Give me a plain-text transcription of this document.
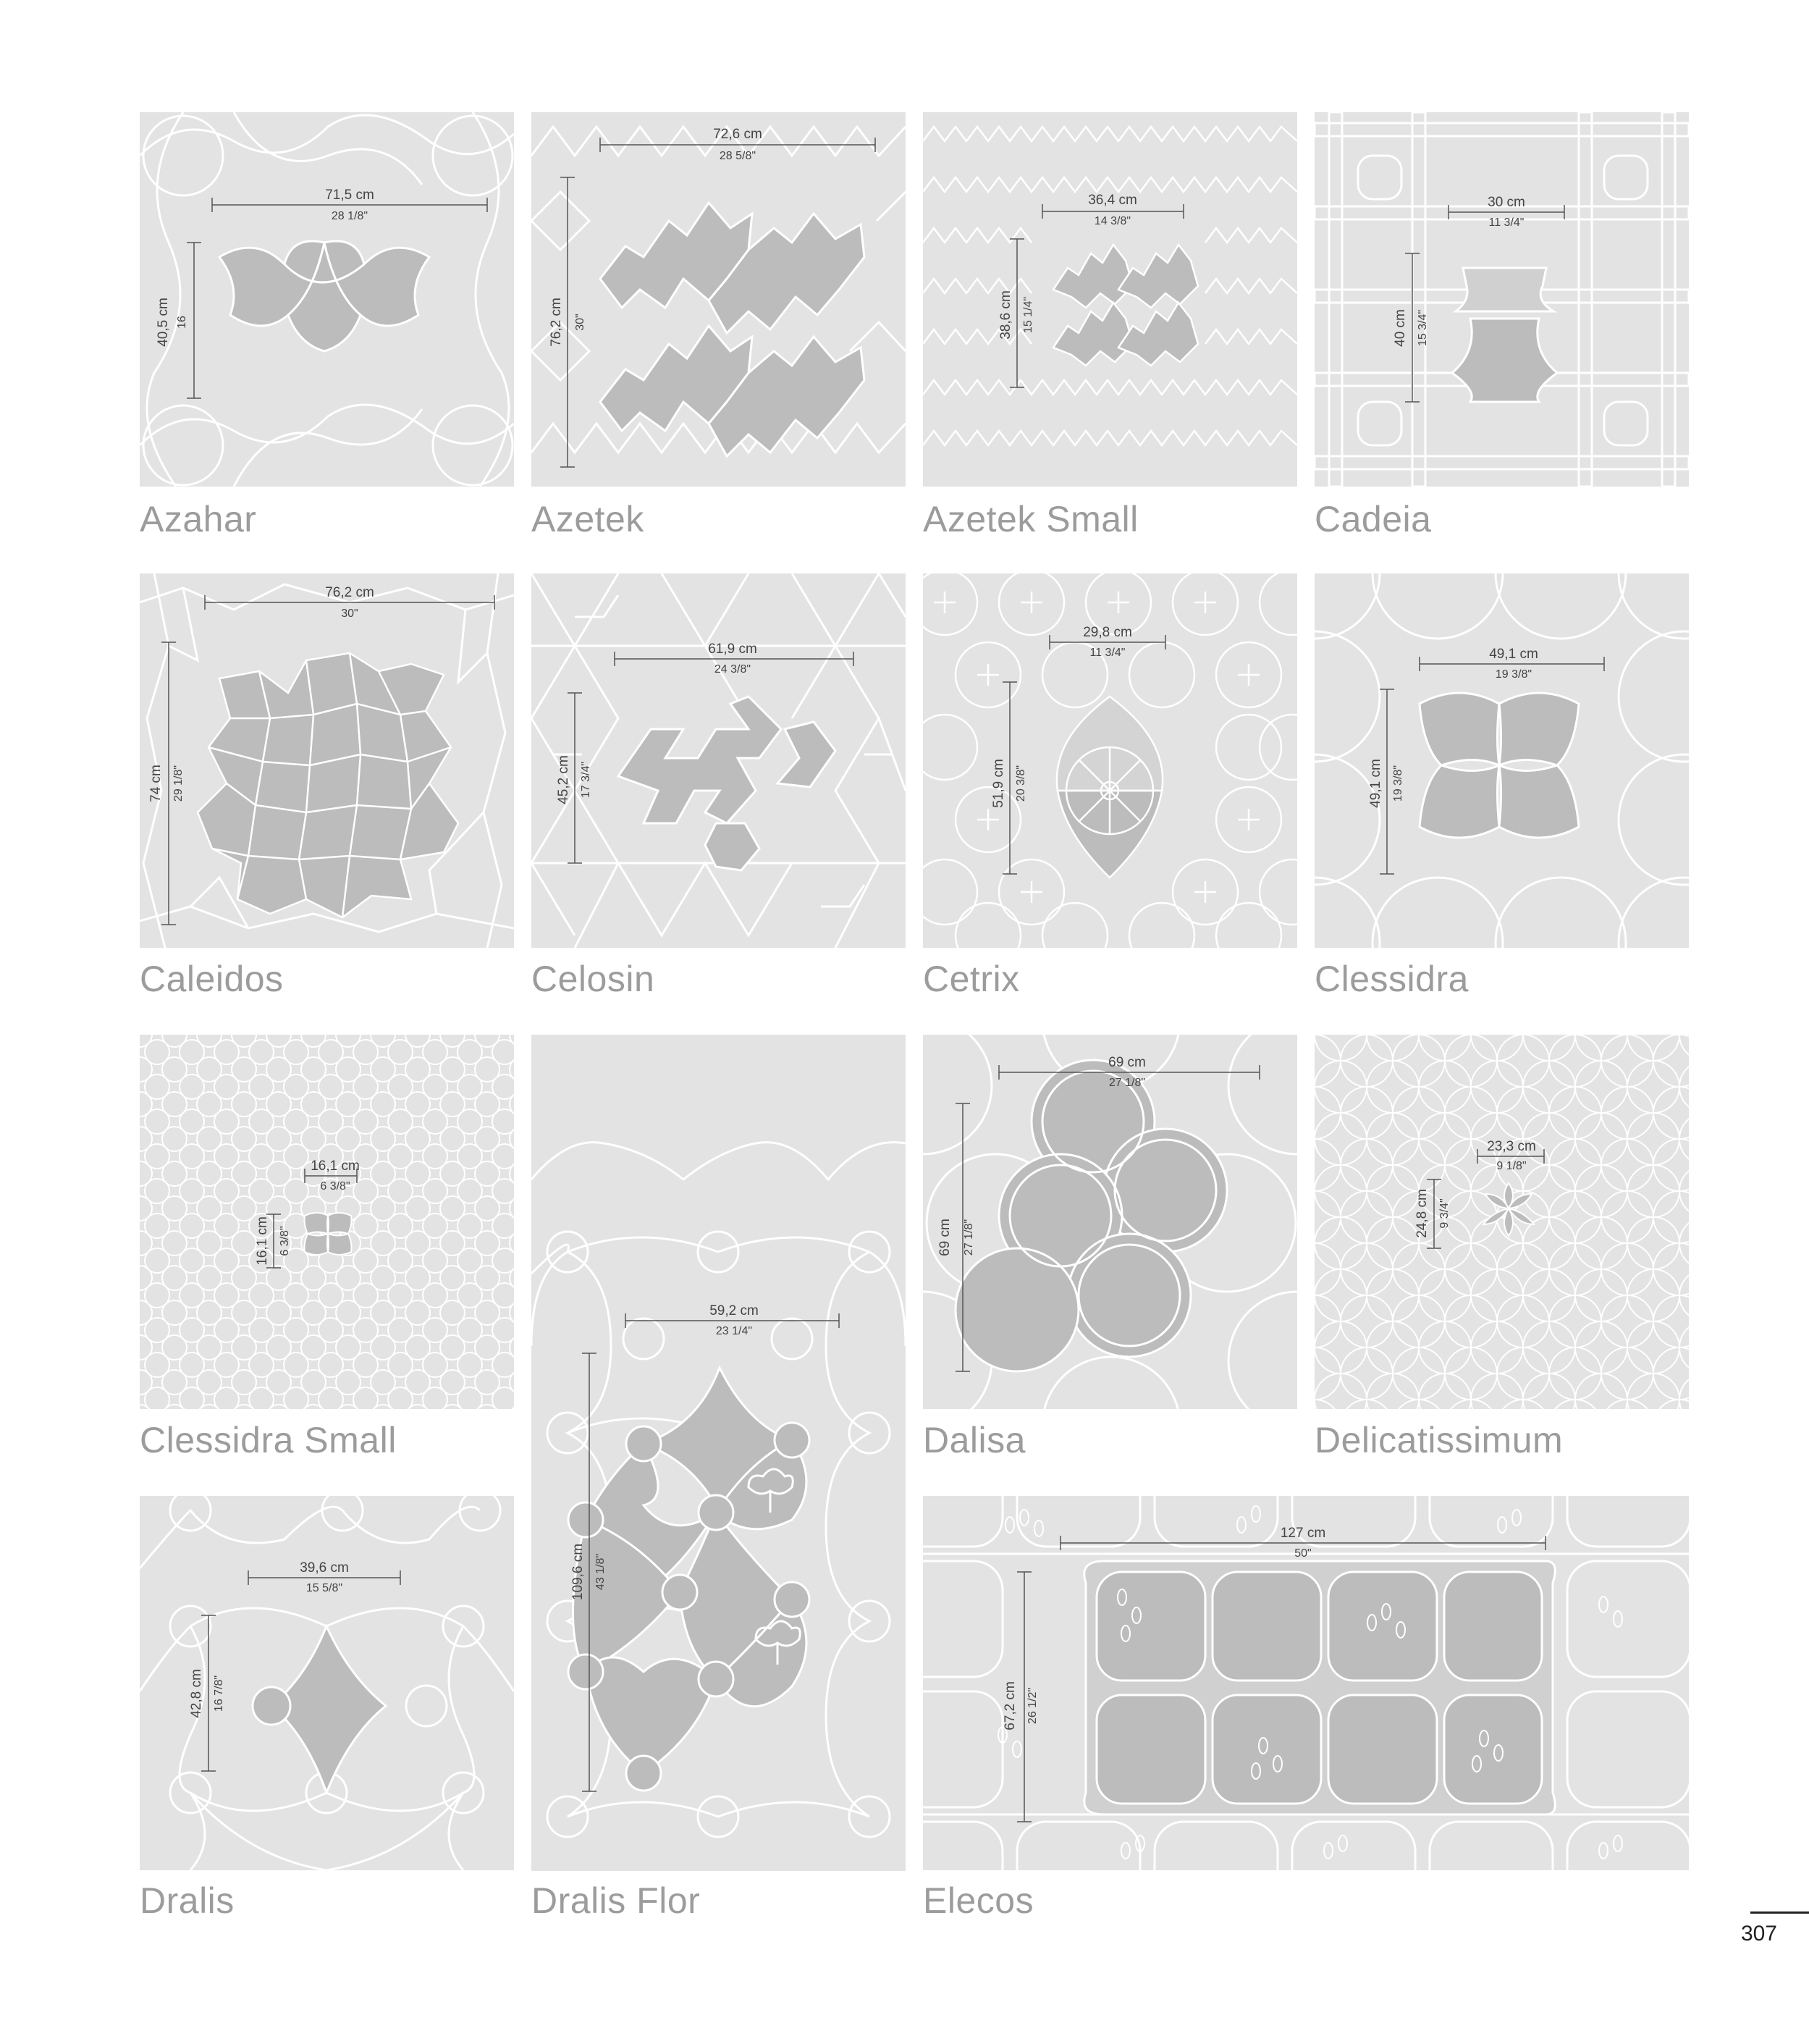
71,5 cm
28 1/8"
40,5 cm 16
Azahar
72,6 cm
28 5/8"
76,2 cm 30"
Azetek
36,4 cm
14 3/8"
38,6 cm 15 1/4"
Azetek Small
30 cm
11 3/4"
40 cm 15 3/4"
Cadeia
76,2 cm
30"
74 cm 29 1/8"
Caleidos
61,9 cm
24 3/8"
45,2 cm 17 3/4"
Celosin
29,8 cm
11 3/4"
51,9 cm 20 3/8"
Cetrix
49,1 cm
19 3/8"
49,1 cm 19 3/8"
Clessidra
16,1 cm
6 3/8"
16,1 cm 6 3/8"
Clessidra Small
59,2 cm
23 1/4"
109,6 cm 43 1/8"
Dralis Flor
69 cm
27 1/8"
69 cm 27 1/8"
Dalisa
23,3 cm
9 1/8"
24,8 cm 9 3/4"
Delicatissimum
39,6 cm
15 5/8"
42,8 cm 16 7/8"
Dralis
127 cm
50"
67,2 cm 26 1/2"
Elecos
307
